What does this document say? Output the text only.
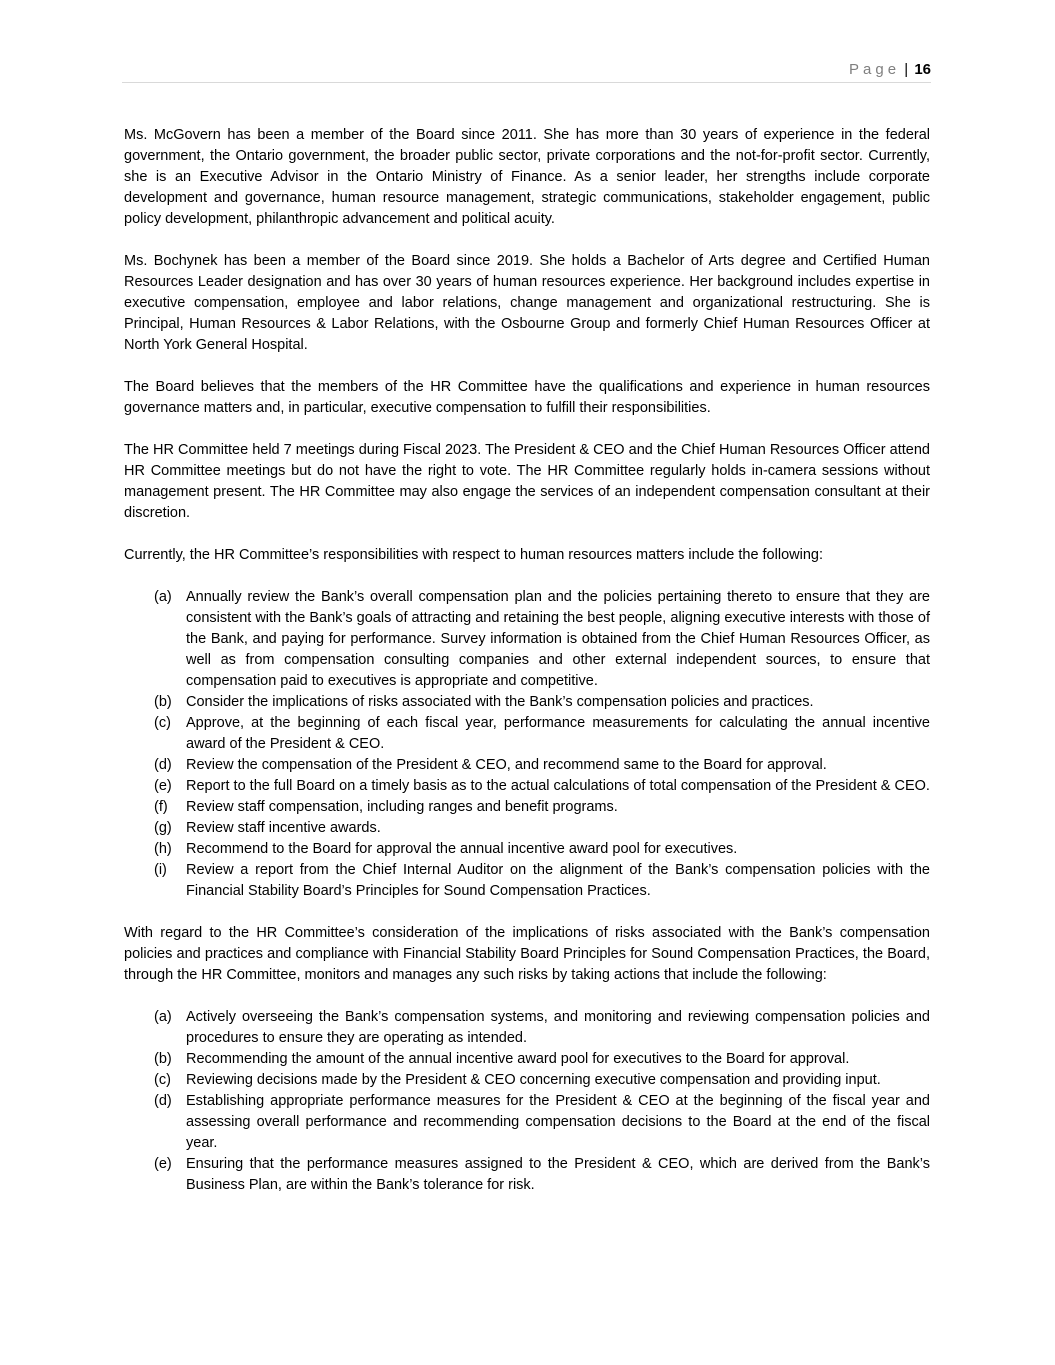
Page | 16

Ms. McGovern has been a member of the Board since 2011. She has more than 30 years of experience in the federal government, the Ontario government, the broader public sector, private corporations and the not-for-profit sector. Currently, she is an Executive Advisor in the Ontario Ministry of Finance. As a senior leader, her strengths include corporate development and governance, human resource management, strategic communications, stakeholder engagement, public policy development, philanthropic advancement and political acuity.

Ms. Bochynek has been a member of the Board since 2019. She holds a Bachelor of Arts degree and Certified Human Resources Leader designation and has over 30 years of human resources experience. Her background includes expertise in executive compensation, employee and labor relations, change management and organizational restructuring. She is Principal, Human Resources & Labor Relations, with the Osbourne Group and formerly Chief Human Resources Officer at North York General Hospital.

The Board believes that the members of the HR Committee have the qualifications and experience in human resources governance matters and, in particular, executive compensation to fulfill their responsibilities.

The HR Committee held 7 meetings during Fiscal 2023. The President & CEO and the Chief Human Resources Officer attend HR Committee meetings but do not have the right to vote. The HR Committee regularly holds in-camera sessions without management present. The HR Committee may also engage the services of an independent compensation consultant at their discretion.

Currently, the HR Committee’s responsibilities with respect to human resources matters include the following:

(a) Annually review the Bank’s overall compensation plan and the policies pertaining thereto to ensure that they are consistent with the Bank’s goals of attracting and retaining the best people, aligning executive interests with those of the Bank, and paying for performance. Survey information is obtained from the Chief Human Resources Officer, as well as from compensation consulting companies and other external independent sources, to ensure that compensation paid to executives is appropriate and competitive.
(b) Consider the implications of risks associated with the Bank’s compensation policies and practices.
(c) Approve, at the beginning of each fiscal year, performance measurements for calculating the annual incentive award of the President & CEO.
(d) Review the compensation of the President & CEO, and recommend same to the Board for approval.
(e) Report to the full Board on a timely basis as to the actual calculations of total compensation of the President & CEO.
(f) Review staff compensation, including ranges and benefit programs.
(g) Review staff incentive awards.
(h) Recommend to the Board for approval the annual incentive award pool for executives.
(i) Review a report from the Chief Internal Auditor on the alignment of the Bank’s compensation policies with the Financial Stability Board’s Principles for Sound Compensation Practices.

With regard to the HR Committee’s consideration of the implications of risks associated with the Bank’s compensation policies and practices and compliance with Financial Stability Board Principles for Sound Compensation Practices, the Board, through the HR Committee, monitors and manages any such risks by taking actions that include the following:

(a) Actively overseeing the Bank’s compensation systems, and monitoring and reviewing compensation policies and procedures to ensure they are operating as intended.
(b) Recommending the amount of the annual incentive award pool for executives to the Board for approval.
(c) Reviewing decisions made by the President & CEO concerning executive compensation and providing input.
(d) Establishing appropriate performance measures for the President & CEO at the beginning of the fiscal year and assessing overall performance and recommending compensation decisions to the Board at the end of the fiscal year.
(e) Ensuring that the performance measures assigned to the President & CEO, which are derived from the Bank’s Business Plan, are within the Bank’s tolerance for risk.
